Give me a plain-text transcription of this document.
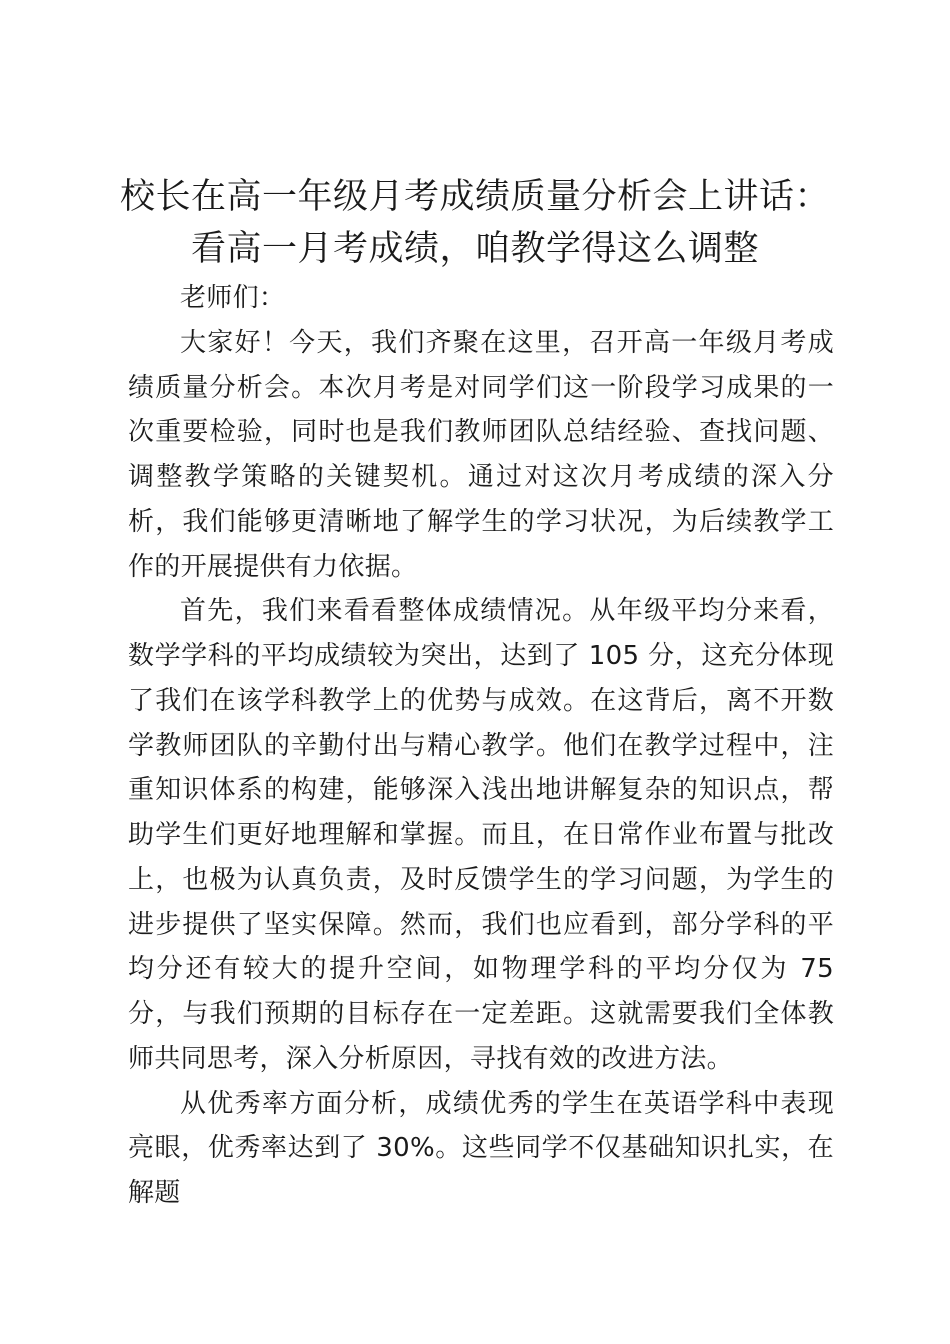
校长在高一年级月考成绩质量分析会上讲话：
看高一月考成绩，咱教学得这么调整

老师们：

大家好！今天，我们齐聚在这里，召开高一年级月考成绩质量分析会。本次月考是对同学们这一阶段学习成果的一次重要检验，同时也是我们教师团队总结经验、查找问题、调整教学策略的关键契机。通过对这次月考成绩的深入分析，我们能够更清晰地了解学生的学习状况，为后续教学工作的开展提供有力依据。

首先，我们来看看整体成绩情况。从年级平均分来看，数学学科的平均成绩较为突出，达到了 105 分，这充分体现了我们在该学科教学上的优势与成效。在这背后，离不开数学教师团队的辛勤付出与精心教学。他们在教学过程中，注重知识体系的构建，能够深入浅出地讲解复杂的知识点，帮助学生们更好地理解和掌握。而且，在日常作业布置与批改上，也极为认真负责，及时反馈学生的学习问题，为学生的进步提供了坚实保障。然而，我们也应看到，部分学科的平均分还有较大的提升空间，如物理学科的平均分仅为 75 分，与我们预期的目标存在一定差距。这就需要我们全体教师共同思考，深入分析原因，寻找有效的改进方法。

从优秀率方面分析，成绩优秀的学生在英语学科中表现亮眼，优秀率达到了 30%。这些同学不仅基础知识扎实，在解题
